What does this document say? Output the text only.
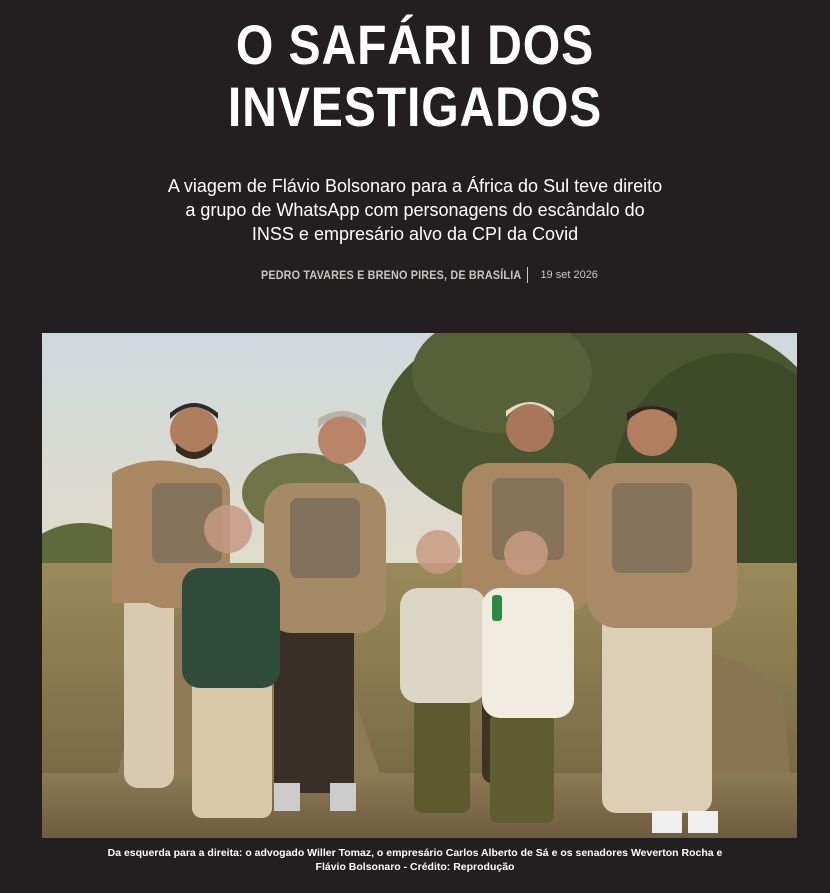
O SAFÁRI DOS
INVESTIGADOS

A viagem de Flávio Bolsonaro para a África do Sul teve direito a grupo de WhatsApp com personagens do escândalo do INSS e empresário alvo da CPI da Covid

PEDRO TAVARES E BRENO PIRES, DE BRASÍLIA 19 set 2026

Da esquerda para a direita: o advogado Willer Tomaz, o empresário Carlos Alberto de Sá e os senadores Weverton Rocha e Flávio Bolsonaro - Crédito: Reprodução
